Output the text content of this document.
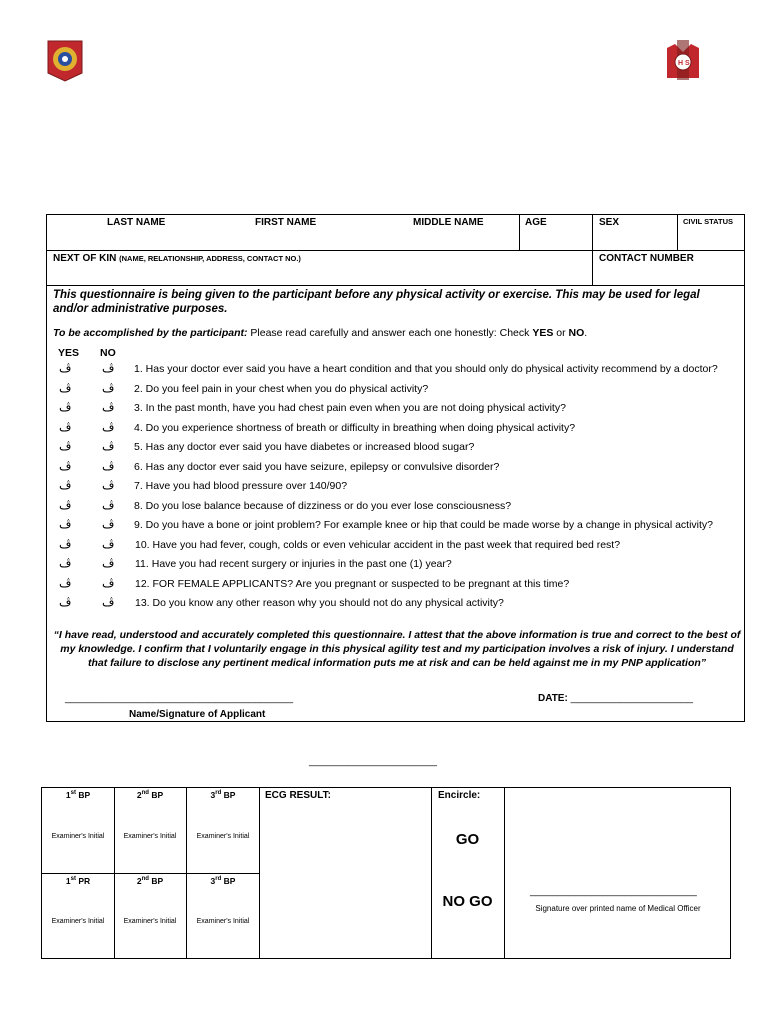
H S
LAST NAME	FIRST NAME	MIDDLE NAME	AGE	SEX	CIVIL STATUS
NEXT OF KIN (NAME, RELATIONSHIP, ADDRESS, CONTACT NO.)	CONTACT NUMBER
This questionnaire is being given to the participant before any physical activity or exercise. This may be used for legal and/or administrative purposes.
To be accomplished by the participant: Please read carefully and answer each one honestly: Check YES or NO.
YES NO
ڤ	ڤ 1. Has your doctor ever said you have a heart condition and that you should only do physical activity recommend by a doctor?
ڤ	ڤ 2. Do you feel pain in your chest when you do physical activity?
ڤ	ڤ 3. In the past month, have you had chest pain even when you are not doing physical activity?
ڤ	ڤ 4. Do you experience shortness of breath or difficulty in breathing when doing physical activity?
ڤ	ڤ 5. Has any doctor ever said you have diabetes or increased blood sugar?
ڤ	ڤ 6. Has any doctor ever said you have seizure, epilepsy or convulsive disorder?
ڤ	ڤ 7. Have you had blood pressure over 140/90?
ڤ	ڤ 8. Do you lose balance because of dizziness or do you ever lose consciousness?
ڤ	ڤ 9. Do you have a bone or joint problem? For example knee or hip that could be made worse by a change in physical activity?
ڤ	ڤ 10. Have you had fever, cough, colds or even vehicular accident in the past week that required bed rest?
ڤ	ڤ 11. Have you had recent surgery or injuries in the past one (1) year?
ڤ	ڤ 12. FOR FEMALE APPLICANTS? Are you pregnant or suspected to be pregnant at this time?
ڤ	ڤ 13. Do you know any other reason why you should not do any physical activity?
“I have read, understood and accurately completed this questionnaire. I attest that the above information is true and correct to the best of my knowledge. I confirm that I voluntarily engage in this physical agility test and my participation involves a risk of injury. I understand that failure to disclose any pertinent medical information puts me at risk and can be held against me in my PNP application”
_________________________________________
Name/Signature of Applicant
DATE: ______________________
_______________________
1st BP	2nd BP	3rd BP
Examiner's Initial	Examiner's Initial	Examiner's Initial
1st PR	2nd BP	3rd BP
Examiner's Initial	Examiner's Initial	Examiner's Initial
ECG RESULT:	Encircle:
GO
NO GO
______________________________
Signature over printed name of Medical Officer
